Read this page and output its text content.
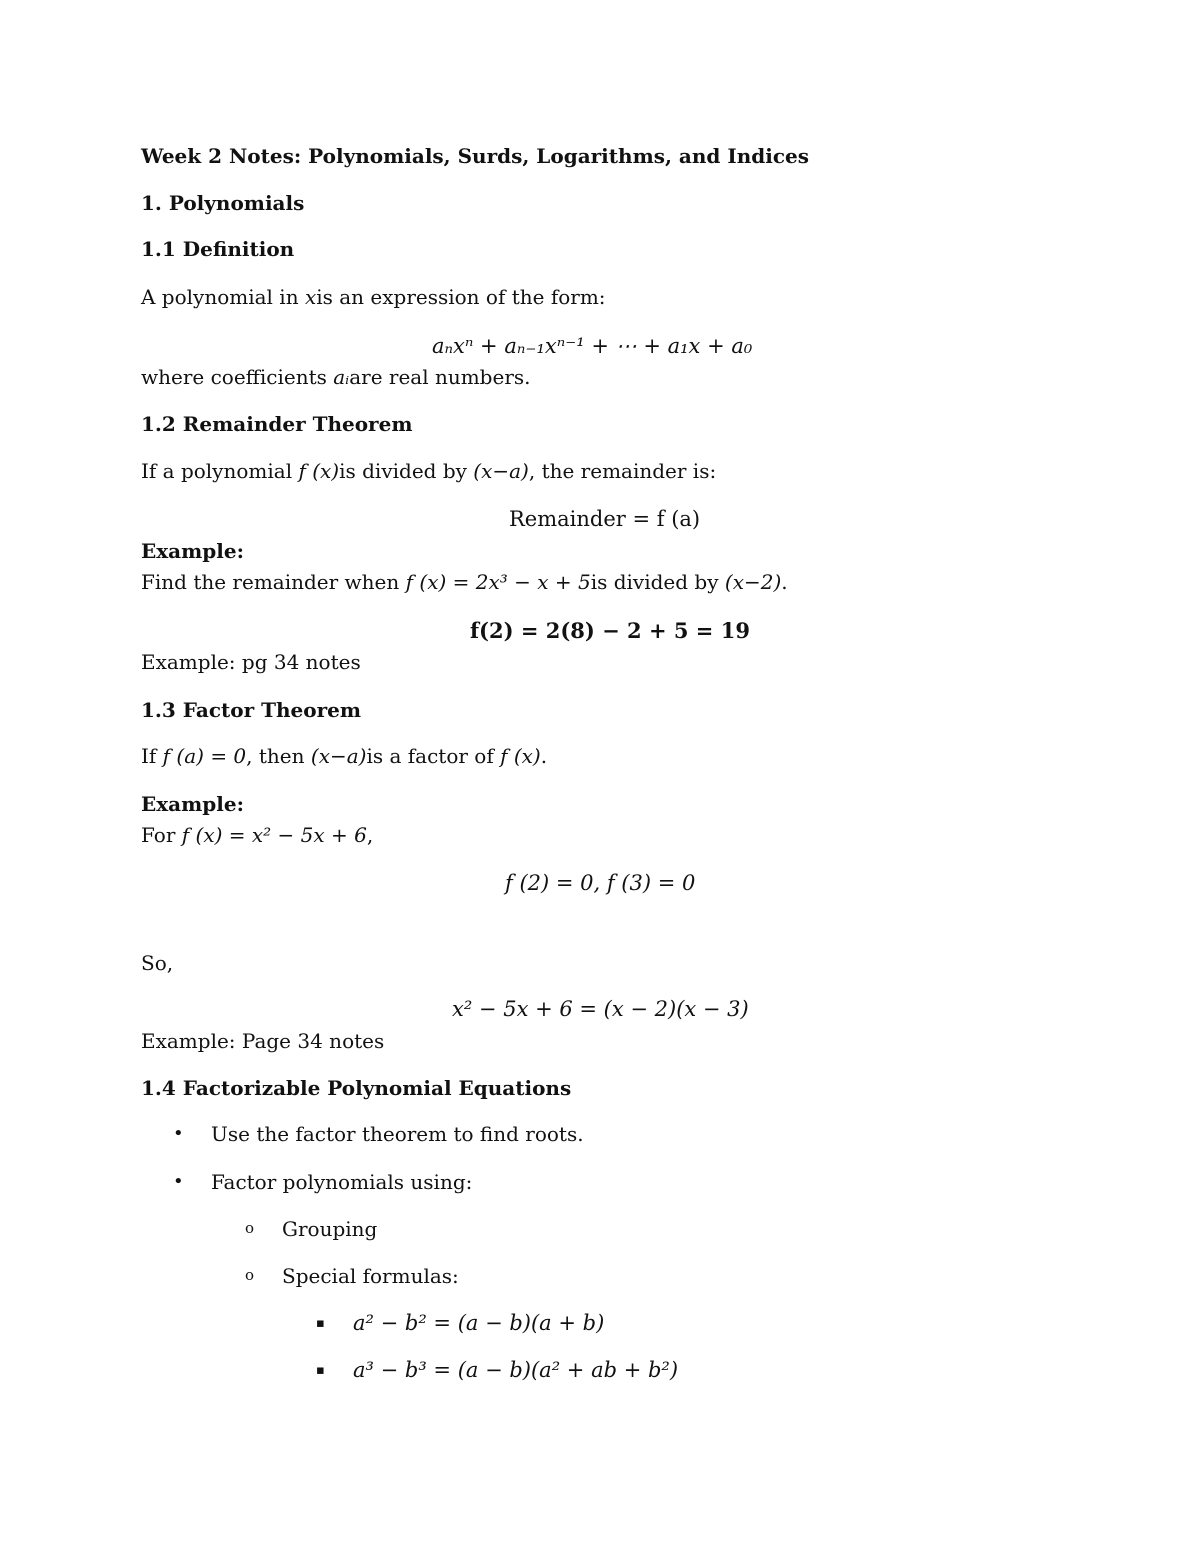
Week 2 Notes: Polynomials, Surds, Logarithms, and Indices
1. Polynomials
1.1 Definition
A polynomial in xis an expression of the form:
aₙxⁿ + aₙ₋₁xⁿ⁻¹ + ⋯ + a₁x + a₀
where coefficients aᵢare real numbers.
1.2 Remainder Theorem
If a polynomial f (x)is divided by (x−a), the remainder is:
Remainder = f (a)
Example:
Find the remainder when f (x) = 2x³ − x + 5is divided by (x−2).
f(2) = 2(8) − 2 + 5 = 19
Example: pg 34 notes
1.3 Factor Theorem
If f (a) = 0, then (x−a)is a factor of f (x).
Example:
For f (x) = x² − 5x + 6,
f (2) = 0, f (3) = 0
So,
x² − 5x + 6 = (x − 2)(x − 3)
Example: Page 34 notes
1.4 Factorizable Polynomial Equations
• Use the factor theorem to find roots.
• Factor polynomials using:
o Grouping
o Special formulas:
▪ a² − b² = (a − b)(a + b)
▪ a³ − b³ = (a − b)(a² + ab + b²)
